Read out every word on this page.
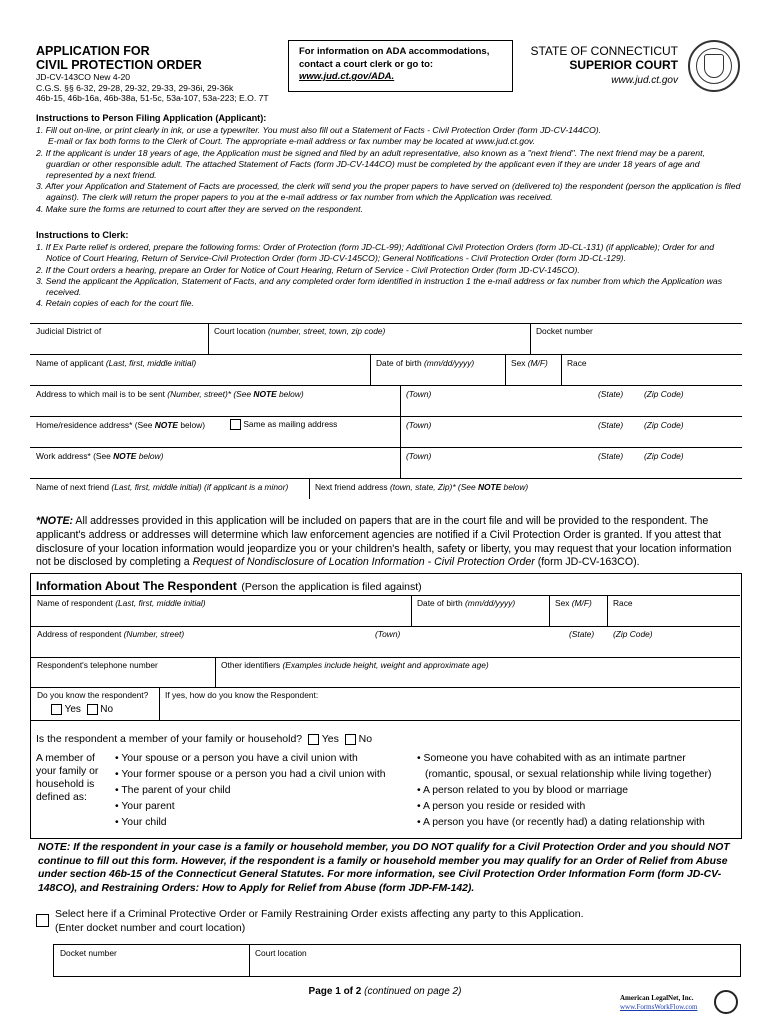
APPLICATION FOR
CIVIL PROTECTION ORDER
JD-CV-143CO New 4-20
C.G.S. §§ 6-32, 29-28, 29-32, 29-33, 29-36i, 29-36k
46b-15, 46b-16a, 46b-38a, 51-5c, 53a-107, 53a-223; E.O. 7T
For information on ADA accommodations,
contact a court clerk or go to:
www.jud.ct.gov/ADA.
STATE OF CONNECTICUT
SUPERIOR COURT
www.jud.ct.gov
Instructions to Person Filing Application (Applicant):

1. Fill out on-line, or print clearly in ink, or use a typewriter. You must also fill out a Statement of Facts - Civil Protection Order (form JD-CV-144CO).

E-mail or fax both forms to the Clerk of Court. The appropriate e-mail address or fax number may be located at www.jud.ct.gov.

2. If the applicant is under 18 years of age, the Application must be signed and filed by an adult representative, also known as a "next friend". The next friend may be a parent, guardian or other responsible adult. The attached Statement of Facts (form JD-CV-144CO) must be completed by the applicant even if they are under 18 years of age and represented by a next friend.

3. After your Application and Statement of Facts are processed, the clerk will send you the proper papers to have served on (delivered to) the respondent (person the application is filed against). The clerk will return the proper papers to you at the e-mail address or fax number from which the Application was received.

4. Make sure the forms are returned to court after they are served on the respondent.

Instructions to Clerk:

1. If Ex Parte relief is ordered, prepare the following forms: Order of Protection (form JD-CL-99); Additional Civil Protection Orders (form JD-CL-131) (if applicable); Order for and Notice of Court Hearing, Return of Service-Civil Protection Order (form JD-CV-145CO); General Notifications - Civil Protection Order (form JD-CL-129).

2. If the Court orders a hearing, prepare an Order for Notice of Court Hearing, Return of Service - Civil Protection Order (form JD-CV-145CO).

3. Send the applicant the Application, Statement of Facts, and any completed order form identified in instruction 1 the e-mail address or fax number from which the Application was received.

4. Retain copies of each for the court file.

Judicial District of	Court location (number, street, town, zip code)	Docket number
Name of applicant (Last, first, middle initial)	Date of birth (mm/dd/yyyy)	Sex (M/F)	Race
Address to which mail is to be sent (Number, street)* (See NOTE below)	(Town)	(State)	(Zip Code)
Home/residence address* (See NOTE below)	Same as mailing address	(Town)	(State)	(Zip Code)
Work address* (See NOTE below)	(Town)	(State)	(Zip Code)
Name of next friend (Last, first, middle initial) (if applicant is a minor)	Next friend address (town, state, Zip)* (See NOTE below)
*NOTE: All addresses provided in this application will be included on papers that are in the court file and will be provided to the respondent. The applicant's address or addresses will determine which law enforcement agencies are notified if a Civil Protection Order is granted. If you attest that disclosure of your location information would jeopardize you or your children's health, safety or liberty, you may request that your location information not be disclosed by completing a Request of Nondisclosure of Location Information - Civil Protection Order (form JD-CV-163CO).
Information About The Respondent (Person the application is filed against)
Name of respondent (Last, first, middle initial)	Date of birth (mm/dd/yyyy)	Sex (M/F)	Race
Address of respondent (Number, street)	(Town)	(State)	(Zip Code)
Respondent's telephone number	Other identifiers (Examples include height, weight and approximate age)
Do you know the respondent?
Yes No
If yes, how do you know the Respondent:
Is the respondent a member of your family or household? Yes No
A member of
your family or
household is
defined as:
• Your spouse or a person you have a civil union with
• Your former spouse or a person you had a civil union with
• The parent of your child
• Your parent
• Your child
• Someone you have cohabited with as an intimate partner
(romantic, spousal, or sexual relationship while living together)
• A person related to you by blood or marriage
• A person you reside or resided with
• A person you have (or recently had) a dating relationship with
NOTE: If the respondent in your case is a family or household member, you DO NOT qualify for a Civil Protection Order and you should NOT continue to fill out this form. However, if the respondent is a family or household member you may qualify for an Order of Relief from Abuse under section 46b-15 of the Connecticut General Statutes. For more information, see Civil Protection Order Information Form (form JD-CV-148CO), and Restraining Orders: How to Apply for Relief from Abuse (form JDP-FM-142).
Select here if a Criminal Protective Order or Family Restraining Order exists affecting any party to this Application.
(Enter docket number and court location)
Docket number	Court location
Page 1 of 2 (continued on page 2)
American LegalNet, Inc.
www.FormsWorkFlow.com
